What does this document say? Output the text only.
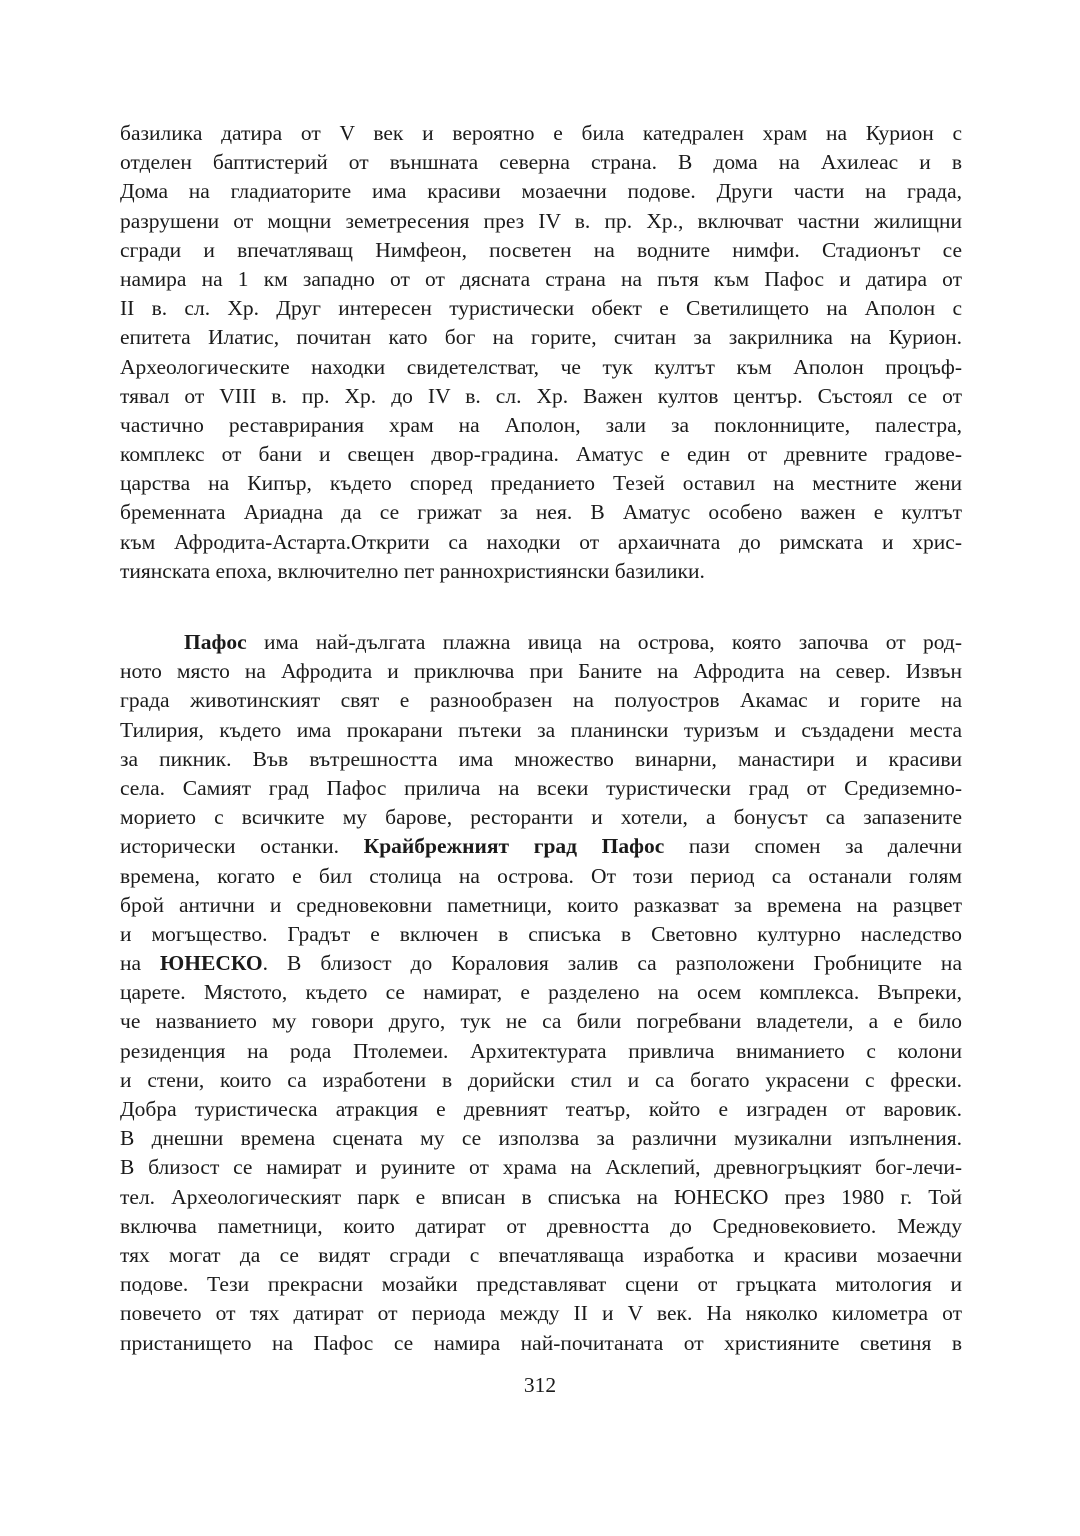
базилика датира от V век и вероятно е била катедрален храм на Курион с
отделен баптистерий от външната северна страна. В дома на Ахилеас и в
Дома на гладиаторите има красиви мозаечни подове. Други части на града,
разрушени от мощни земетресения през IV в. пр. Хр., включват частни жилищни
сгради и впечатляващ Нимфеон, посветен на водните нимфи. Стадионът се
намира на 1 км западно от от дясната страна на пътя към Пафос и датира от
II в. сл. Хр. Друг интересен туристически обект е Светилището на Аполон с
епитета Илатис, почитан като бог на горите, считан за закрилника на Курион.
Археологическите находки свидетелстват, че тук култът към Аполон процъф-
тявал от VIII в. пр. Хр. до IV в. сл. Хр. Важен култов център. Състоял се от
частично реставрирания храм на Аполон, зали за поклонниците, палестра,
комплекс от бани и свещен двор-градина. Аматус е един от древните градове-
царства на Кипър, където според преданието Тезей оставил на местните жени
бременната Ариадна да се грижат за нея. В Аматус особено важен е култът
към Афродита-Астарта.Открити са находки от архаичната до римската и хрис-
тиянската епоха, включително пет раннохристиянски базилики.
Пафос има най-дългата плажна ивица на острова, която започва от род-
ното място на Афродита и приключва при Баните на Афродита на север. Извън
града животинският свят е разнообразен на полуостров Акамас и горите на
Тилирия, където има прокарани пътеки за планински туризъм и създадени места
за пикник. Във вътрешността има множество винарни, манастири и красиви
села. Самият град Пафос прилича на всеки туристически град от Средиземно-
морието с всичките му барове, ресторанти и хотели, а бонусът са запазените
исторически останки. Крайбрежният град Пафос пази спомен за далечни
времена, когато е бил столица на острова. От този период са останали голям
брой антични и средновековни паметници, които разказват за времена на разцвет
и могъщество. Градът е включен в списъка в Световно културно наследство
на ЮНЕСКО. В близост до Кораловия залив са разположени Гробниците на
царете. Мястото, където се намират, е разделено на осем комплекса. Въпреки,
че названието му говори друго, тук не са били погребвани владетели, а е било
резиденция на рода Птолемеи. Архитектурата привлича вниманието с колони
и стени, които са изработени в дорийски стил и са богато украсени с фрески.
Добра туристическа атракция е древният театър, който е изграден от варовик.
В днешни времена сцената му се използва за различни музикални изпълнения.
В близост се намират и руините от храма на Асклепий, древногръцкият бог-лечи-
тел. Археологическият парк е вписан в списъка на ЮНЕСКО през 1980 г. Той
включва паметници, които датират от древността до Средновековието. Между
тях могат да се видят сгради с впечатляваща изработка и красиви мозаечни
подове. Тези прекрасни мозайки представляват сцени от гръцката митология и
повечето от тях датират от периода между II и V век. На няколко километра от
пристанището на Пафос се намира най-почитаната от християните светиня в
312
